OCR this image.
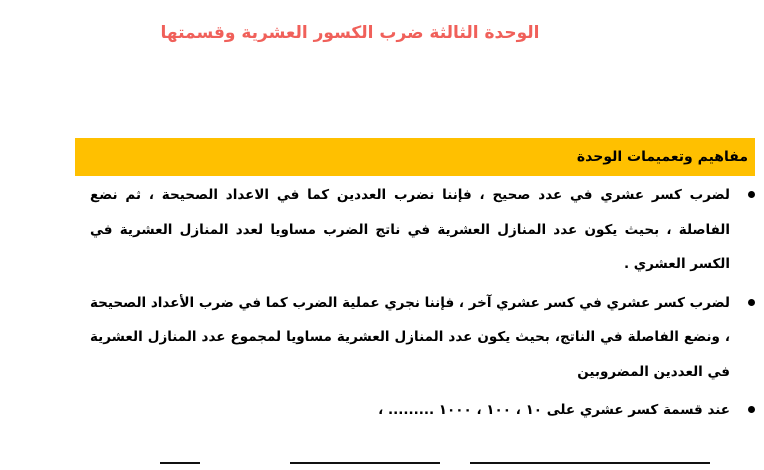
الوحدة الثالثة ضرب الكسور العشرية وقسمتها
مفاهيم وتعميمات الوحدة
لضرب كسر عشري في عدد صحيح ، فإننا نضرب العددين كما في الاعداد الصحيحة ، ثم نضع الفاصلة ، بحيث يكون عدد المنازل العشرية في ناتج الضرب مساويا لعدد المنازل العشرية في الكسر العشري .
لضرب كسر عشري في كسر عشري آخر ، فإننا نجري عملية الضرب كما في ضرب الأعداد الصحيحة ، ونضع الفاصلة في الناتج، بحيث يكون عدد المنازل العشرية مساويا لمجموع عدد المنازل العشرية في العددين المضروبين
عند قسمة كسر عشري على ١٠ ، ١٠٠ ، ١٠٠٠ ......... ،
